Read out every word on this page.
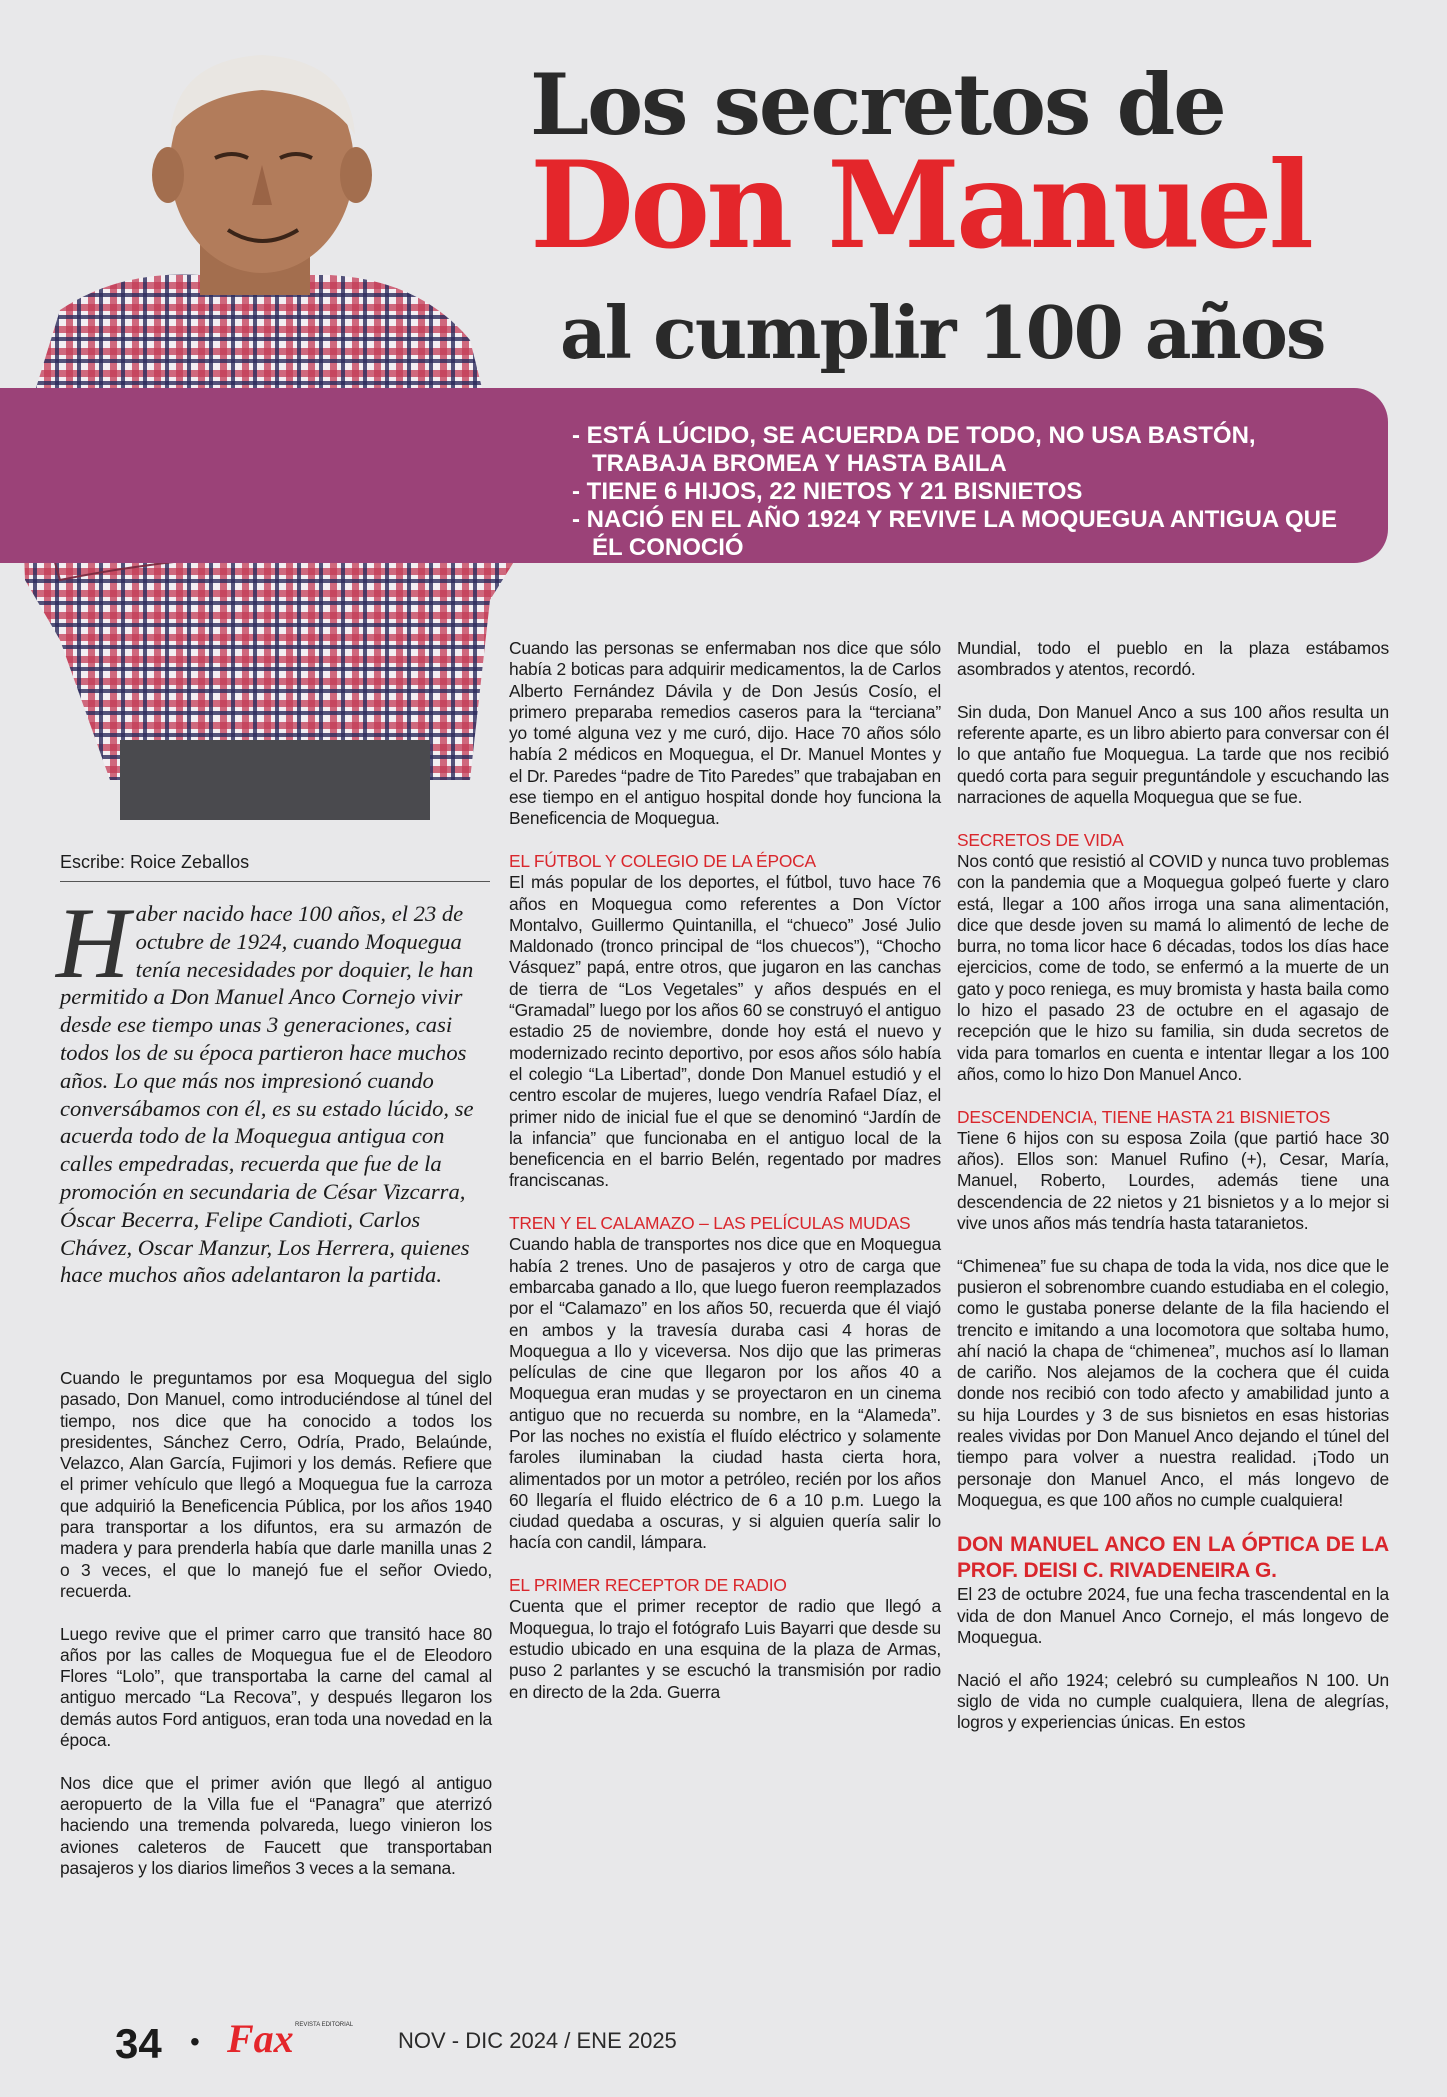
Los secretos de
Don Manuel
al cumplir 100 años
- ESTÁ LÚCIDO, SE ACUERDA DE TODO, NO USA BASTÓN, TRABAJA BROMEA Y HASTA BAILA
- TIENE 6 HIJOS, 22 NIETOS Y 21 BISNIETOS
- NACIÓ EN EL AÑO 1924 Y REVIVE LA MOQUEGUA ANTIGUA QUE ÉL CONOCIÓ
Escribe: Roice Zeballos
Haber nacido hace 100 años, el 23 de octubre de 1924, cuando Moquegua tenía necesidades por doquier, le han permitido a Don Manuel Anco Cornejo vivir desde ese tiempo unas 3 generaciones, casi todos los de su época partieron hace muchos años. Lo que más nos impresionó cuando conversábamos con él, es su estado lúcido, se acuerda todo de la Moquegua antigua con calles empedradas, recuerda que fue de la promoción en secundaria de César Vizcarra, Óscar Becerra, Felipe Candioti, Carlos Chávez, Oscar Manzur, Los Herrera, quienes hace muchos años adelantaron la partida.

Cuando le preguntamos por esa Moquegua del siglo pasado, Don Manuel, como introduciéndose al túnel del tiempo, nos dice que ha conocido a todos los presidentes, Sánchez Cerro, Odría, Prado, Belaúnde, Velazco, Alan García, Fujimori y los demás. Refiere que el primer vehículo que llegó a Moquegua fue la carroza que adquirió la Beneficencia Pública, por los años 1940 para transportar a los difuntos, era su armazón de madera y para prenderla había que darle manilla unas 2 o 3 veces, el que lo manejó fue el señor Oviedo, recuerda.

Luego revive que el primer carro que transitó hace 80 años por las calles de Moquegua fue el de Eleodoro Flores “Lolo”, que transportaba la carne del camal al antiguo mercado “La Recova”, y después llegaron los demás autos Ford antiguos, eran toda una novedad en la época.

Nos dice que el primer avión que llegó al antiguo aeropuerto de la Villa fue el “Panagra” que aterrizó haciendo una tremenda polvareda, luego vinieron los aviones caleteros de Faucett que transportaban pasajeros y los diarios limeños 3 veces a la semana.

Cuando las personas se enfermaban nos dice que sólo había 2 boticas para adquirir medicamentos, la de Carlos Alberto Fernández Dávila y de Don Jesús Cosío, el primero preparaba remedios caseros para la “terciana” yo tomé alguna vez y me curó, dijo. Hace 70 años sólo había 2 médicos en Moquegua, el Dr. Manuel Montes y el Dr. Paredes “padre de Tito Paredes” que trabajaban en ese tiempo en el antiguo hospital donde hoy funciona la Beneficencia de Moquegua.

EL FÚTBOL Y COLEGIO DE LA ÉPOCA

El más popular de los deportes, el fútbol, tuvo hace 76 años en Moquegua como referentes a Don Víctor Montalvo, Guillermo Quintanilla, el “chueco” José Julio Maldonado (tronco principal de “los chuecos”), “Chocho Vásquez” papá, entre otros, que jugaron en las canchas de tierra de “Los Vegetales” y años después en el “Gramadal” luego por los años 60 se construyó el antiguo estadio 25 de noviembre, donde hoy está el nuevo y modernizado recinto deportivo, por esos años sólo había el colegio “La Libertad”, donde Don Manuel estudió y el centro escolar de mujeres, luego vendría Rafael Díaz, el primer nido de inicial fue el que se denominó “Jardín de la infancia” que funcionaba en el antiguo local de la beneficencia en el barrio Belén, regentado por madres franciscanas.

TREN Y EL CALAMAZO – LAS PELÍCULAS MUDAS

Cuando habla de transportes nos dice que en Moquegua había 2 trenes. Uno de pasajeros y otro de carga que embarcaba ganado a Ilo, que luego fueron reemplazados por el “Calamazo” en los años 50, recuerda que él viajó en ambos y la travesía duraba casi 4 horas de Moquegua a Ilo y viceversa. Nos dijo que las primeras películas de cine que llegaron por los años 40 a Moquegua eran mudas y se proyectaron en un cinema antiguo que no recuerda su nombre, en la “Alameda”. Por las noches no existía el fluído eléctrico y solamente faroles iluminaban la ciudad hasta cierta hora, alimentados por un motor a petróleo, recién por los años 60 llegaría el fluido eléctrico de 6 a 10 p.m. Luego la ciudad quedaba a oscuras, y si alguien quería salir lo hacía con candil, lámpara.

EL PRIMER RECEPTOR DE RADIO

Cuenta que el primer receptor de radio que llegó a Moquegua, lo trajo el fotógrafo Luis Bayarri que desde su estudio ubicado en una esquina de la plaza de Armas, puso 2 parlantes y se escuchó la transmisión por radio en directo de la 2da. Guerra

Mundial, todo el pueblo en la plaza estábamos asombrados y atentos, recordó.

Sin duda, Don Manuel Anco a sus 100 años resulta un referente aparte, es un libro abierto para conversar con él lo que antaño fue Moquegua. La tarde que nos recibió quedó corta para seguir preguntándole y escuchando las narraciones de aquella Moquegua que se fue.

SECRETOS DE VIDA

Nos contó que resistió al COVID y nunca tuvo problemas con la pandemia que a Moquegua golpeó fuerte y claro está, llegar a 100 años irroga una sana alimentación, dice que desde joven su mamá lo alimentó de leche de burra, no toma licor hace 6 décadas, todos los días hace ejercicios, come de todo, se enfermó a la muerte de un gato y poco reniega, es muy bromista y hasta baila como lo hizo el pasado 23 de octubre en el agasajo de recepción que le hizo su familia, sin duda secretos de vida para tomarlos en cuenta e intentar llegar a los 100 años, como lo hizo Don Manuel Anco.

DESCENDENCIA, TIENE HASTA 21 BISNIETOS

Tiene 6 hijos con su esposa Zoila (que partió hace 30 años). Ellos son: Manuel Rufino (+), Cesar, María, Manuel, Roberto, Lourdes, además tiene una descendencia de 22 nietos y 21 bisnietos y a lo mejor si vive unos años más tendría hasta tataranietos.

“Chimenea” fue su chapa de toda la vida, nos dice que le pusieron el sobrenombre cuando estudiaba en el colegio, como le gustaba ponerse delante de la fila haciendo el trencito e imitando a una locomotora que soltaba humo, ahí nació la chapa de “chimenea”, muchos así lo llaman de cariño. Nos alejamos de la cochera que él cuida donde nos recibió con todo afecto y amabilidad junto a su hija Lourdes y 3 de sus bisnietos en esas historias reales vividas por Don Manuel Anco dejando el túnel del tiempo para volver a nuestra realidad. ¡Todo un personaje don Manuel Anco, el más longevo de Moquegua, es que 100 años no cumple cualquiera!

DON MANUEL ANCO EN LA ÓPTICA DE LA PROF. DEISI C. RIVADENEIRA G.

El 23 de octubre 2024, fue una fecha trascendental en la vida de don Manuel Anco Cornejo, el más longevo de Moquegua.

Nació el año 1924; celebró su cumpleaños N 100. Un siglo de vida no cumple cualquiera, llena de alegrías, logros y experiencias únicas. En estos

34 • Fax REVISTA EDITORIAL
NOV - DIC 2024 / ENE 2025
